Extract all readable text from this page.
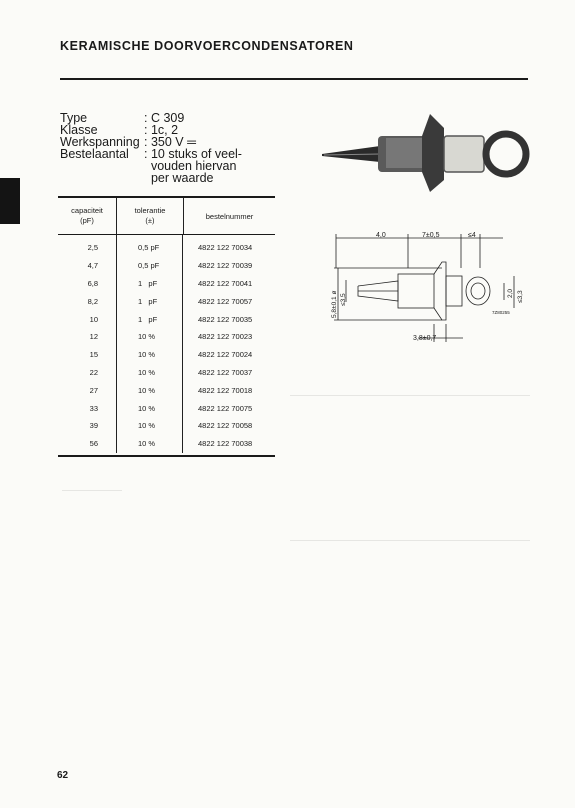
KERAMISCHE DOORVOERCONDENSATOREN
Type	: C 309
Klasse	: 1c, 2
Werkspanning : 350 V ═
Bestelaantal	: 10 stuks of veel-
vouden hiervan
per waarde
capaciteit
(pF)
tolerantie
(±)	bestelnummer
2,5	0,5 pF	4822 122 70034
4,7	0,5 pF	4822 122 70039
6,8	1   pF	4822 122 70041
8,2	1   pF	4822 122 70057
10	1   pF	4822 122 70035
12	10 %	4822 122 70023
15	10 %	4822 122 70024
22	10 %	4822 122 70037
27	10 %	4822 122 70018
33	10 %	4822 122 70075
39	10 %	4822 122 70058
56	10 %	4822 122 70038
4,0	7±0,5	≤4
3,8±0,7
7Z80255
5,8±0,1 ø ≤3,5	2,0 ≤3,3
62
